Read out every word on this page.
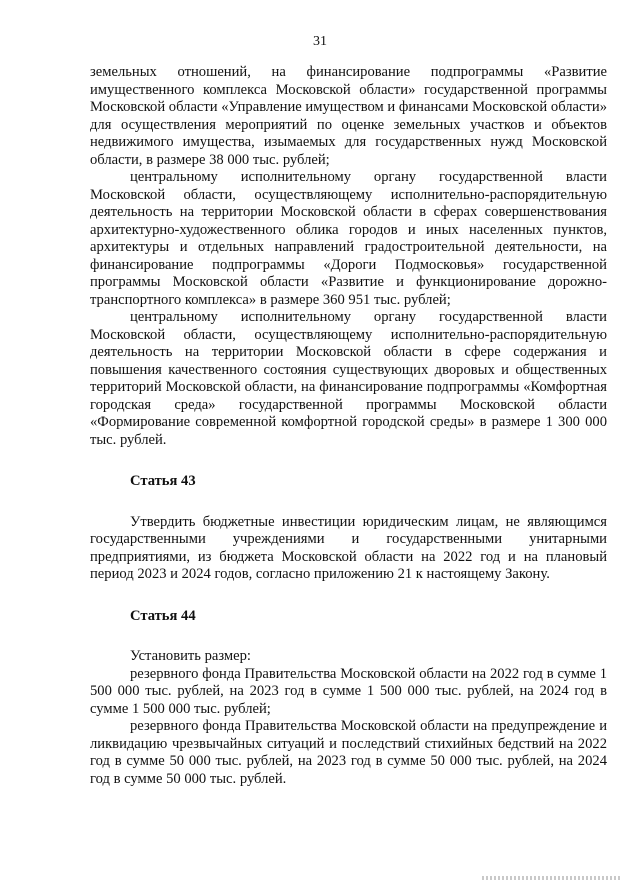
31

земельных отношений, на финансирование подпрограммы «Развитие имущественного комплекса Московской области» государственной программы Московской области «Управление имуществом и финансами Московской области» для осуществления мероприятий по оценке земельных участков и объектов недвижимого имущества, изымаемых для государственных нужд Московской области, в размере 38 000 тыс. рублей;

центральному исполнительному органу государственной власти Московской области, осуществляющему исполнительно-распорядительную деятельность на территории Московской области в сферах совершенствования архитектурно-художественного облика городов и иных населенных пунктов, архитектуры и отдельных направлений градостроительной деятельности, на финансирование подпрограммы «Дороги Подмосковья» государственной программы Московской области «Развитие и функционирование дорожно-транспортного комплекса» в размере 360 951 тыс. рублей;

центральному исполнительному органу государственной власти Московской области, осуществляющему исполнительно-распорядительную деятельность на территории Московской области в сфере содержания и повышения качественного состояния существующих дворовых и общественных территорий Московской области, на финансирование подпрограммы «Комфортная городская среда» государственной программы Московской области «Формирование современной комфортной городской среды» в размере 1 300 000 тыс. рублей.

Статья 43

Утвердить бюджетные инвестиции юридическим лицам, не являющимся государственными учреждениями и государственными унитарными предприятиями, из бюджета Московской области на 2022 год и на плановый период 2023 и 2024 годов, согласно приложению 21 к настоящему Закону.

Статья 44

Установить размер:

резервного фонда Правительства Московской области на 2022 год в сумме 1 500 000 тыс. рублей, на 2023 год в сумме 1 500 000 тыс. рублей, на 2024 год в сумме 1 500 000 тыс. рублей;

резервного фонда Правительства Московской области на предупреждение и ликвидацию чрезвычайных ситуаций и последствий стихийных бедствий на 2022 год в сумме 50 000 тыс. рублей, на 2023 год в сумме 50 000 тыс. рублей, на 2024 год в сумме 50 000 тыс. рублей.
